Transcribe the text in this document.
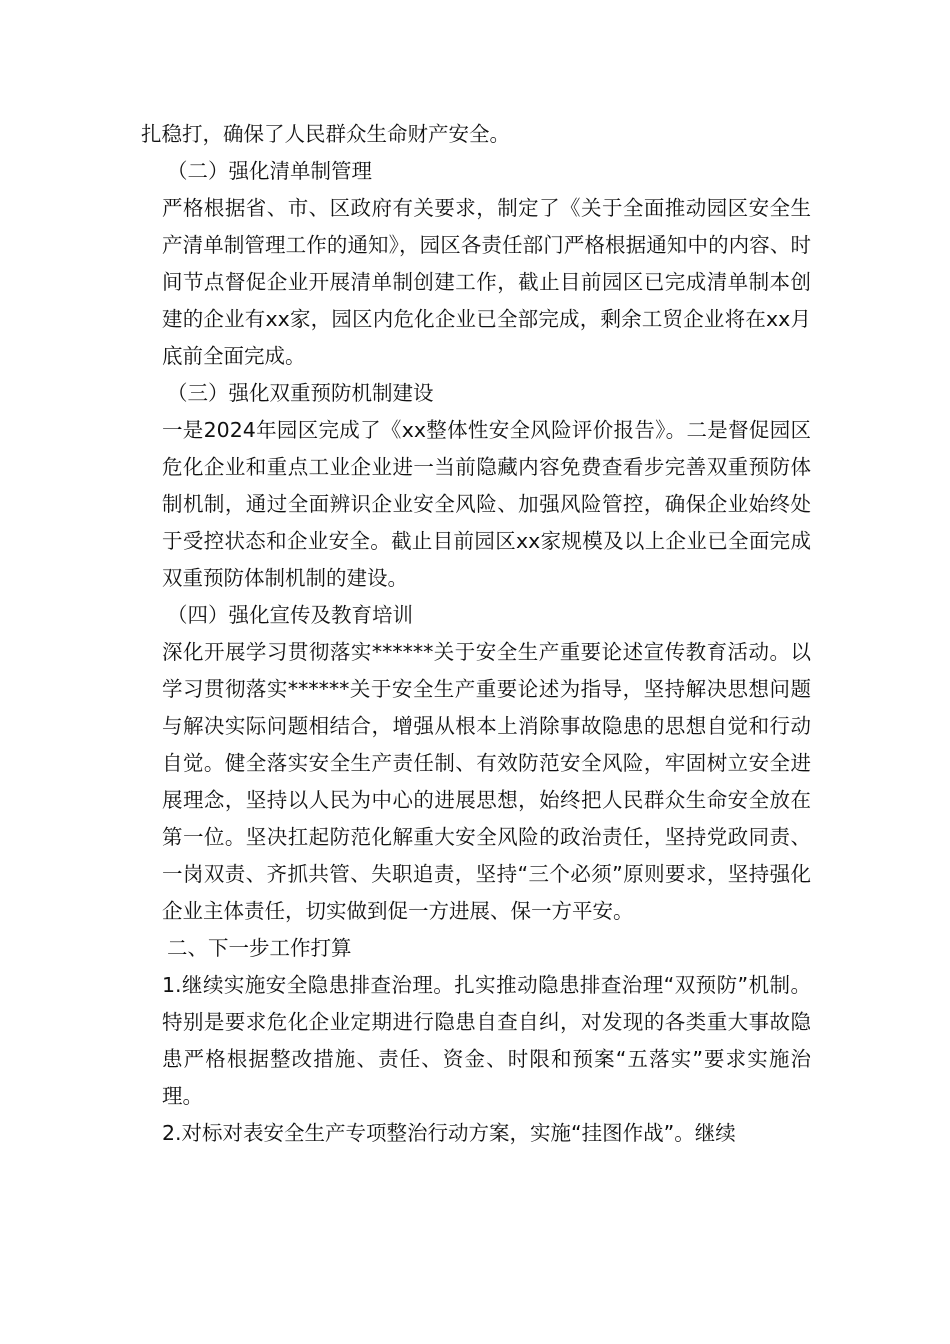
扎稳打，确保了人民群众生命财产安全。

（二）强化清单制管理

严格根据省、市、区政府有关要求，制定了《关于全面推动园区安全生产清单制管理工作的通知》，园区各责任部门严格根据通知中的内容、时间节点督促企业开展清单制创建工作，截止目前园区已完成清单制本创建的企业有xx家，园区内危化企业已全部完成，剩余工贸企业将在xx月底前全面完成。

（三）强化双重预防机制建设

一是2024年园区完成了《xx整体性安全风险评价报告》。二是督促园区危化企业和重点工业企业进一当前隐藏内容免费查看步完善双重预防体制机制，通过全面辨识企业安全风险、加强风险管控，确保企业始终处于受控状态和企业安全。截止目前园区xx家规模及以上企业已全面完成双重预防体制机制的建设。

（四）强化宣传及教育培训

深化开展学习贯彻落实******关于安全生产重要论述宣传教育活动。以学习贯彻落实******关于安全生产重要论述为指导，坚持解决思想问题与解决实际问题相结合，增强从根本上消除事故隐患的思想自觉和行动自觉。健全落实安全生产责任制、有效防范安全风险，牢固树立安全进展理念，坚持以人民为中心的进展思想，始终把人民群众生命安全放在第一位。坚决扛起防范化解重大安全风险的政治责任，坚持党政同责、一岗双责、齐抓共管、失职追责，坚持“三个必须”原则要求，坚持强化企业主体责任，切实做到促一方进展、保一方平安。

二、下一步工作打算

1.继续实施安全隐患排查治理。扎实推动隐患排查治理“双预防”机制。特别是要求危化企业定期进行隐患自查自纠，对发现的各类重大事故隐患严格根据整改措施、责任、资金、时限和预案“五落实”要求实施治理。

2.对标对表安全生产专项整治行动方案，实施“挂图作战”。继续
